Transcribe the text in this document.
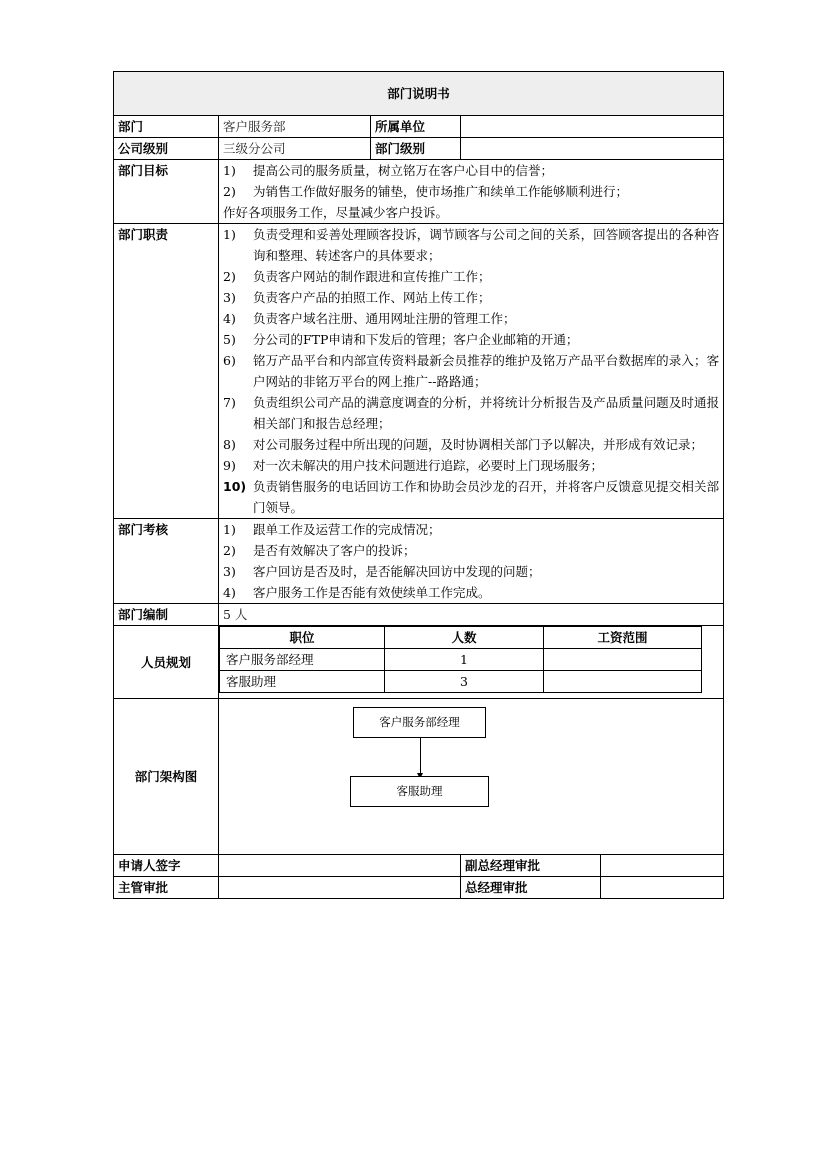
部门说明书
部门	客户服务部	所属单位	
公司级别	三级分公司	部门级别	
部门目标	1)	提高公司的服务质量，树立铭万在客户心目中的信誉；
2)	为销售工作做好服务的铺垫，使市场推广和续单工作能够顺利进行；
作好各项服务工作，尽量减少客户投诉。

部门职责	1)	负责受理和妥善处理顾客投诉，调节顾客与公司之间的关系，回答顾客提出的各种咨询和整理、转述客户的具体要求；
2)	负责客户网站的制作跟进和宣传推广工作；
3)	负责客户产品的拍照工作、网站上传工作；
4)	负责客户域名注册、通用网址注册的管理工作；
5)	分公司的FTP申请和下发后的管理；客户企业邮箱的开通；
6)	铭万产品平台和内部宣传资料最新会员推荐的维护及铭万产品平台数据库的录入；客户网站的非铭万平台的网上推广--路路通；
7)	负责组织公司产品的满意度调查的分析，并将统计分析报告及产品质量问题及时通报相关部门和报告总经理；
8)	对公司服务过程中所出现的问题，及时协调相关部门予以解决，并形成有效记录；
9)	对一次未解决的用户技术问题进行追踪，必要时上门现场服务；
10) 负责销售服务的电话回访工作和协助会员沙龙的召开，并将客户反馈意见提交相关部门领导。

部门考核	1)	跟单工作及运营工作的完成情况；
2)	是否有效解决了客户的投诉；
3)	客户回访是否及时，是否能解决回访中发现的问题；
4)	客户服务工作是否能有效使续单工作完成。

部门编制	5 人
人员规划	
职位	人数	工资范围
客户服务部经理	1	
客服助理	3	

部门架构图	
客户服务部经理
客服助理

申请人签字		副总经理审批	
主管审批		总经理审批	
